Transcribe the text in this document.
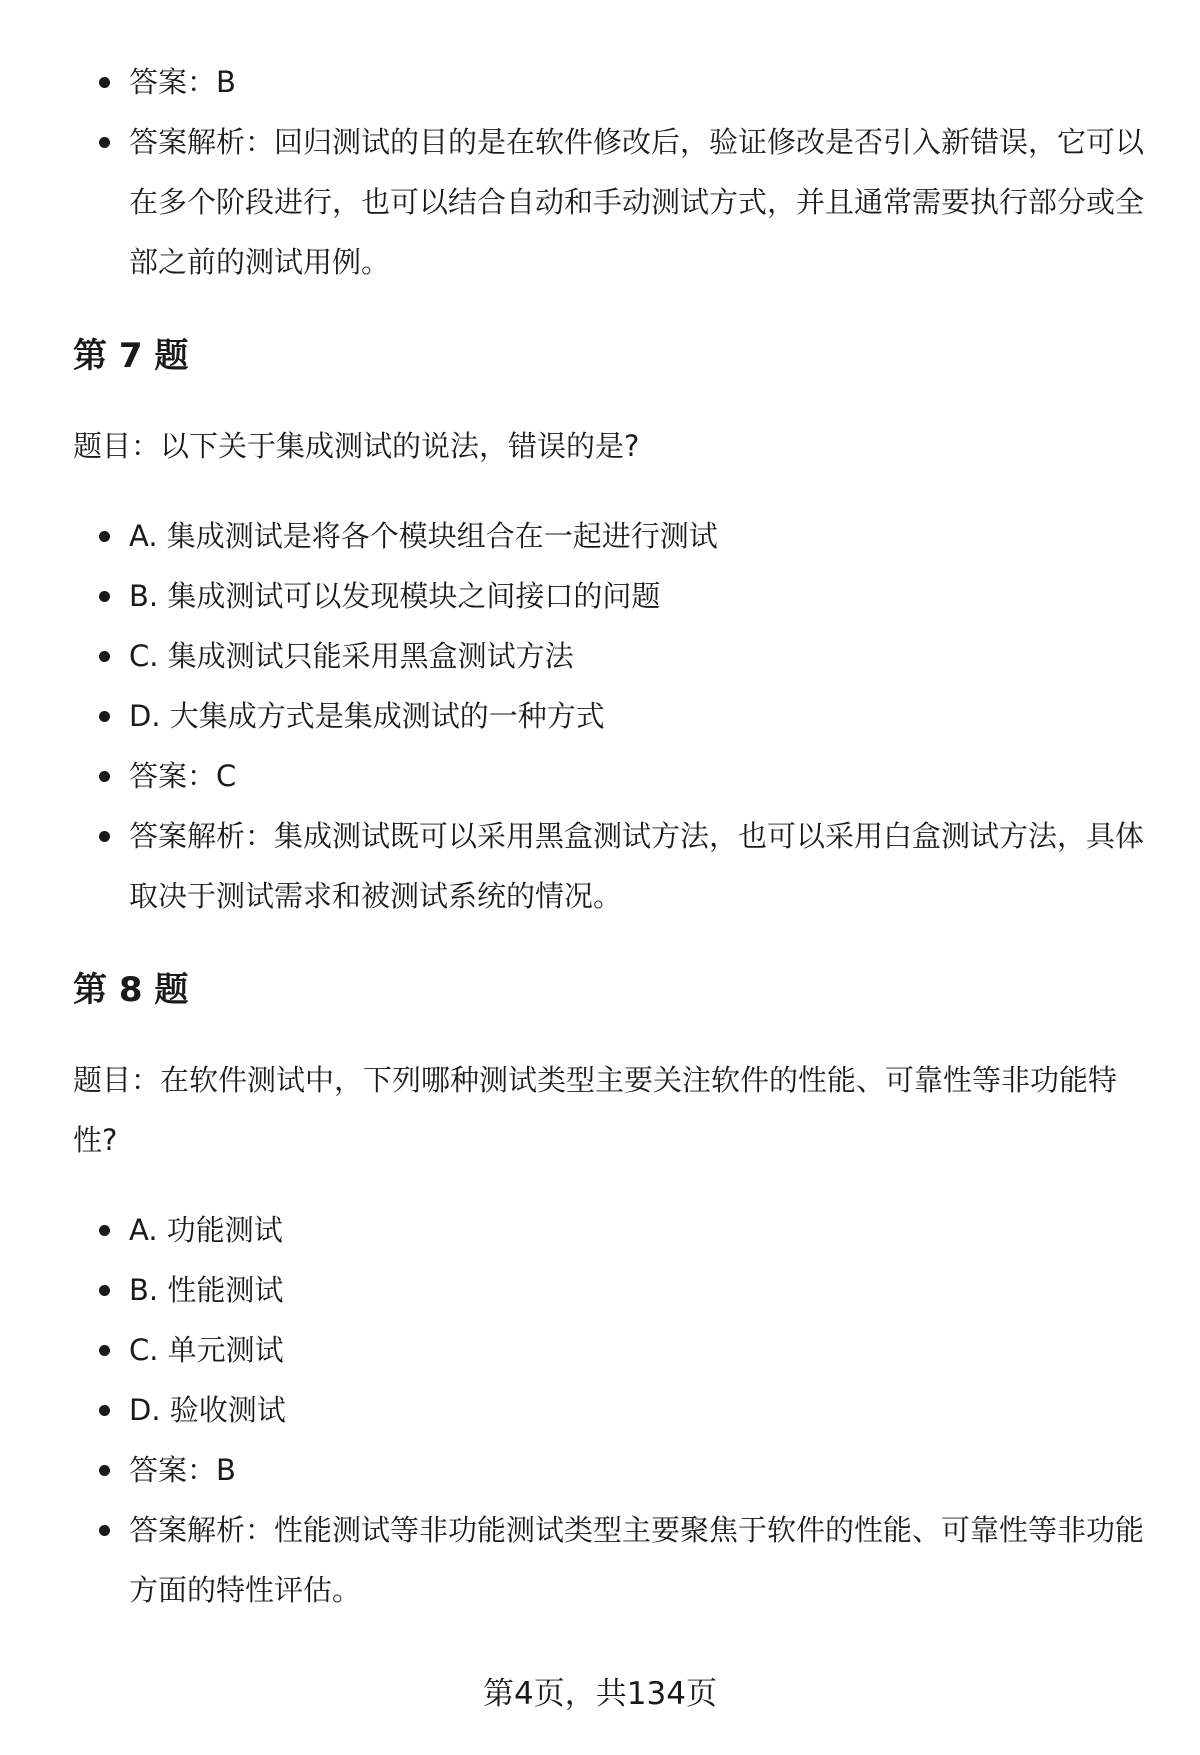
答案：B
答案解析：回归测试的目的是在软件修改后，验证修改是否引入新错误，它可以在多个阶段进行，也可以结合自动和手动测试方式，并且通常需要执行部分或全部之前的测试用例。
第 7 题

题目：以下关于集成测试的说法，错误的是?

A. 集成测试是将各个模块组合在一起进行测试
B. 集成测试可以发现模块之间接口的问题
C. 集成测试只能采用黑盒测试方法
D. 大集成方式是集成测试的一种方式
答案：C
答案解析：集成测试既可以采用黑盒测试方法，也可以采用白盒测试方法，具体取决于测试需求和被测试系统的情况。
第 8 题

题目：在软件测试中，下列哪种测试类型主要关注软件的性能、可靠性等非功能特性?

A. 功能测试
B. 性能测试
C. 单元测试
D. 验收测试
答案：B
答案解析：性能测试等非功能测试类型主要聚焦于软件的性能、可靠性等非功能方面的特性评估。
第4页，共134页
